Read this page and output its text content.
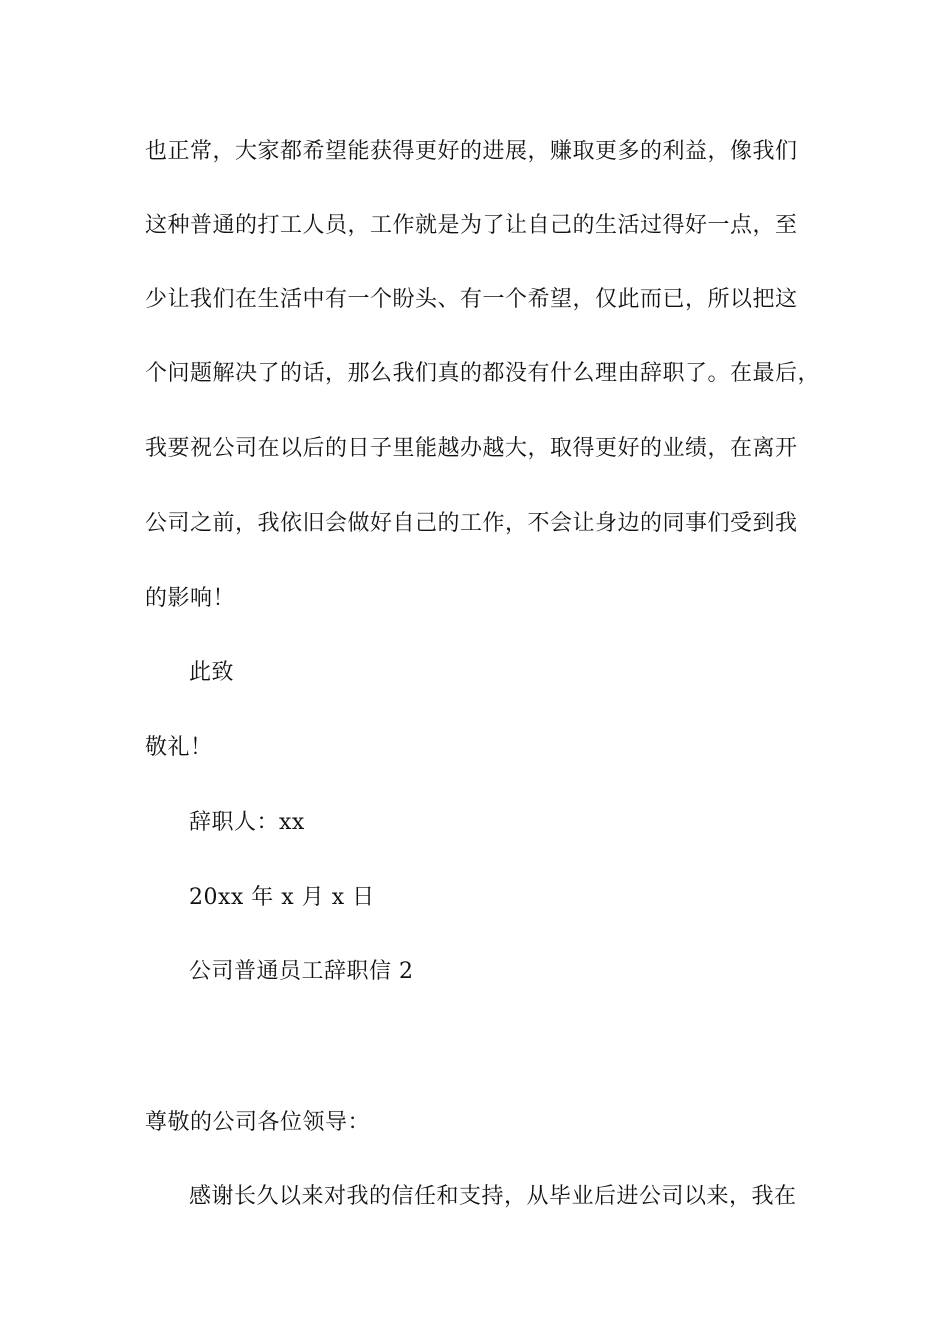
也正常，大家都希望能获得更好的进展，赚取更多的利益，像我们
这种普通的打工人员，工作就是为了让自己的生活过得好一点，至
少让我们在生活中有一个盼头、有一个希望，仅此而已，所以把这
个问题解决了的话，那么我们真的都没有什么理由辞职了。在最后，
我要祝公司在以后的日子里能越办越大，取得更好的业绩，在离开
公司之前，我依旧会做好自己的工作，不会让身边的同事们受到我
的影响！
此致
敬礼！
辞职人：xx
20xx 年 x 月 x 日
公司普通员工辞职信 2
尊敬的公司各位领导：
感谢长久以来对我的信任和支持，从毕业后进公司以来，我在
